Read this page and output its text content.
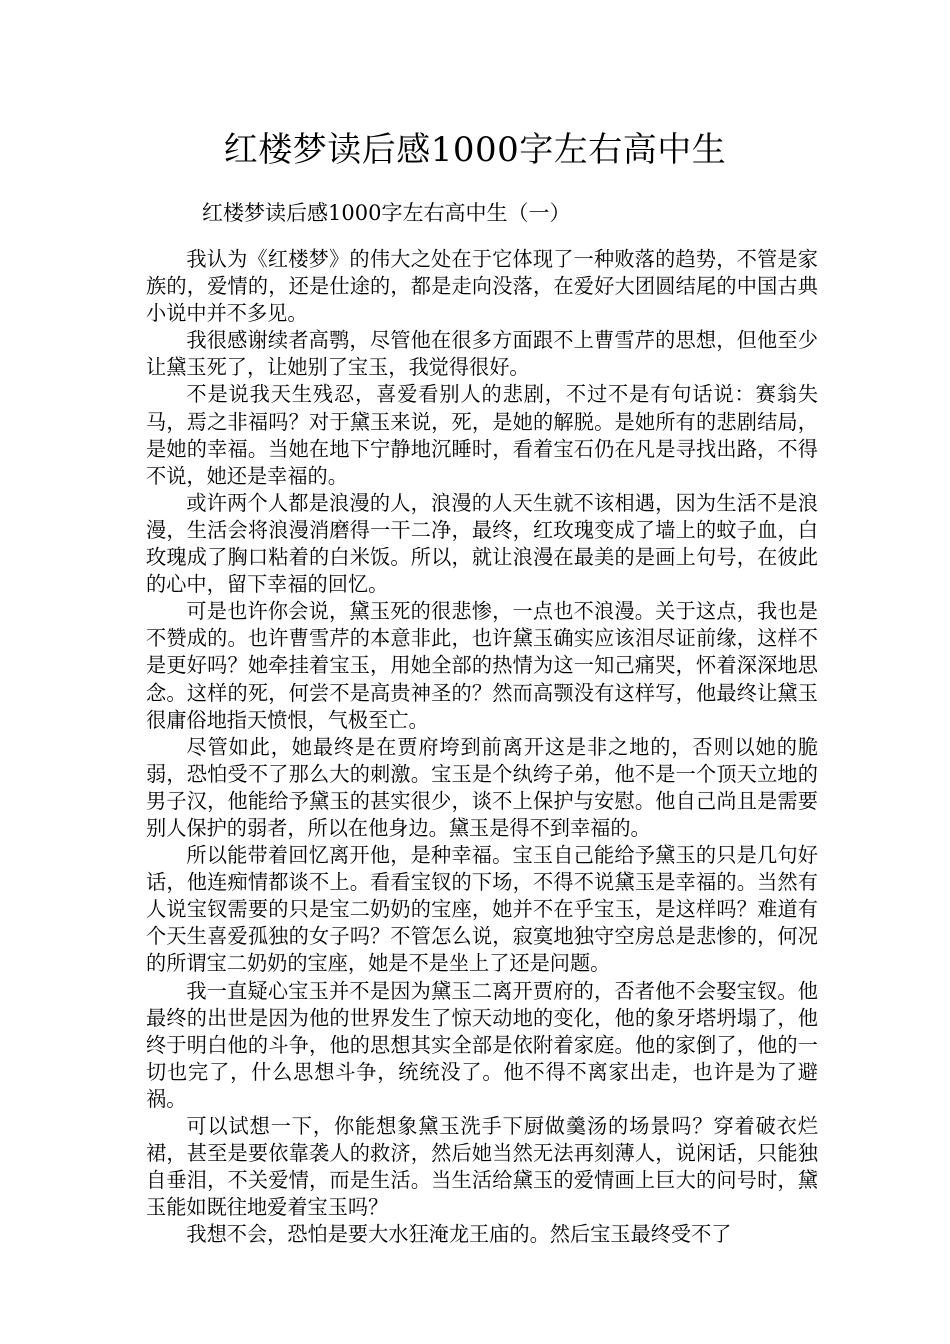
红楼梦读后感1000字左右高中生
红楼梦读后感1000字左右高中生（一）

我认为《红楼梦》的伟大之处在于它体现了一种败落的趋势，不管是家族的，爱情的，还是仕途的，都是走向没落，在爱好大团圆结尾的中国古典小说中并不多见。

我很感谢续者高鹗，尽管他在很多方面跟不上曹雪芹的思想，但他至少让黛玉死了，让她别了宝玉，我觉得很好。

不是说我天生残忍，喜爱看别人的悲剧，不过不是有句话说：赛翁失马，焉之非福吗？对于黛玉来说，死，是她的解脱。是她所有的悲剧结局，是她的幸福。当她在地下宁静地沉睡时，看着宝石仍在凡是寻找出路，不得不说，她还是幸福的。

或许两个人都是浪漫的人，浪漫的人天生就不该相遇，因为生活不是浪漫，生活会将浪漫消磨得一干二净，最终，红玫瑰变成了墙上的蚊子血，白玫瑰成了胸口粘着的白米饭。所以，就让浪漫在最美的是画上句号，在彼此的心中，留下幸福的回忆。

可是也许你会说，黛玉死的很悲惨，一点也不浪漫。关于这点，我也是不赞成的。也许曹雪芹的本意非此，也许黛玉确实应该泪尽证前缘，这样不是更好吗？她牵挂着宝玉，用她全部的热情为这一知己痛哭，怀着深深地思念。这样的死，何尝不是高贵神圣的？然而高颚没有这样写，他最终让黛玉很庸俗地指天愤恨，气极至亡。

尽管如此，她最终是在贾府垮到前离开这是非之地的，否则以她的脆弱，恐怕受不了那么大的刺激。宝玉是个纨绔子弟，他不是一个顶天立地的男子汉，他能给予黛玉的甚实很少，谈不上保护与安慰。他自己尚且是需要别人保护的弱者，所以在他身边。黛玉是得不到幸福的。

所以能带着回忆离开他，是种幸福。宝玉自己能给予黛玉的只是几句好话，他连痴情都谈不上。看看宝钗的下场，不得不说黛玉是幸福的。当然有人说宝钗需要的只是宝二奶奶的宝座，她并不在乎宝玉，是这样吗？难道有个天生喜爱孤独的女子吗？不管怎么说，寂寞地独守空房总是悲惨的，何况的所谓宝二奶奶的宝座，她是不是坐上了还是问题。

我一直疑心宝玉并不是因为黛玉二离开贾府的，否者他不会娶宝钗。他最终的出世是因为他的世界发生了惊天动地的变化，他的象牙塔坍塌了，他终于明白他的斗争，他的思想其实全部是依附着家庭。他的家倒了，他的一切也完了，什么思想斗争，统统没了。他不得不离家出走，也许是为了避祸。

可以试想一下，你能想象黛玉洗手下厨做羹汤的场景吗？穿着破衣烂裙，甚至是要依靠袭人的救济，然后她当然无法再刻薄人，说闲话，只能独自垂泪，不关爱情，而是生活。当生活给黛玉的爱情画上巨大的问号时，黛玉能如既往地爱着宝玉吗？

我想不会，恐怕是要大水狂淹龙王庙的。然后宝玉最终受不了
